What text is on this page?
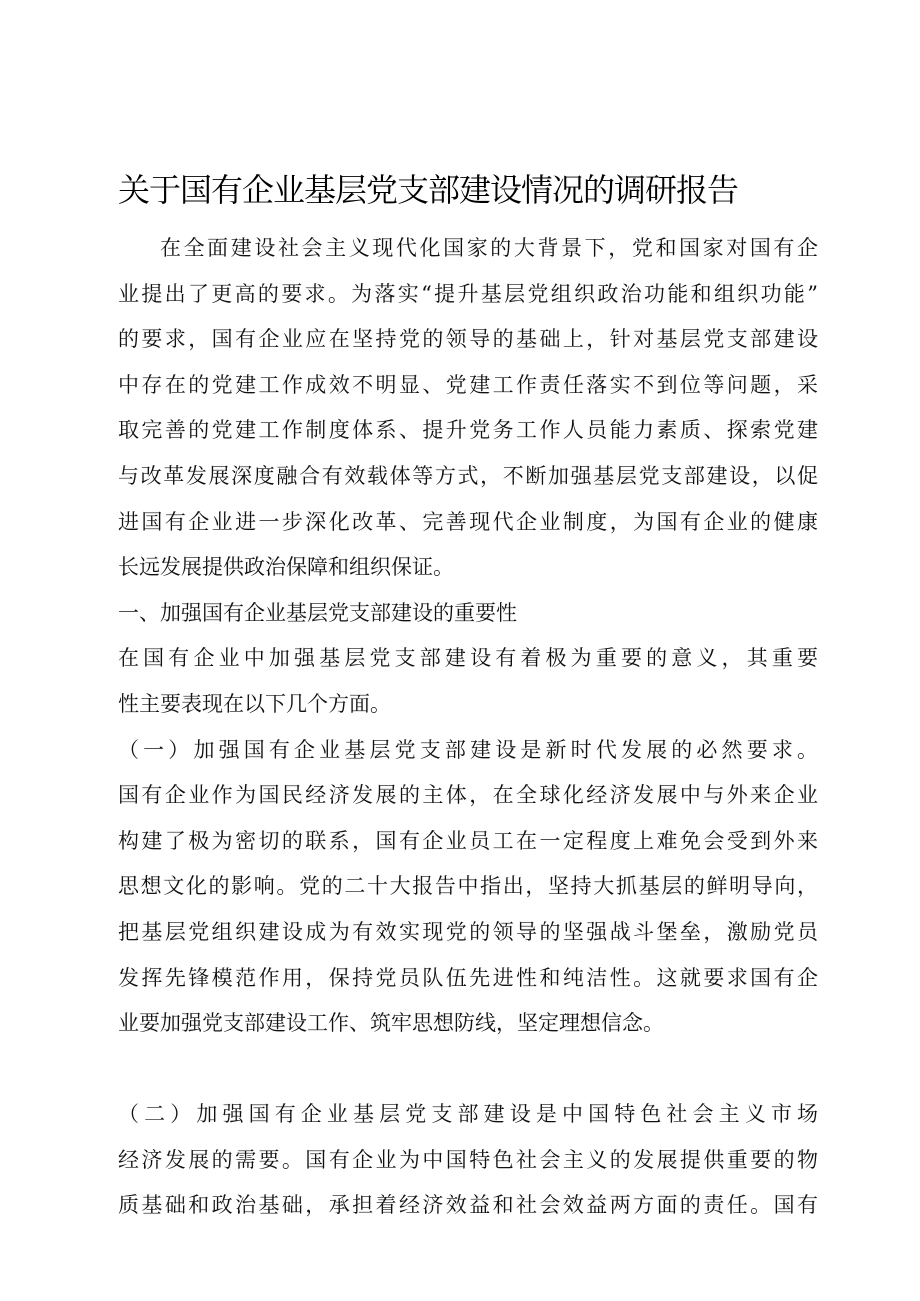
关于国有企业基层党支部建设情况的调研报告
在全面建设社会主义现代化国家的大背景下，党和国家对国有企
业提出了更高的要求。为落实“提升基层党组织政治功能和组织功能”
的要求，国有企业应在坚持党的领导的基础上，针对基层党支部建设
中存在的党建工作成效不明显、党建工作责任落实不到位等问题，采
取完善的党建工作制度体系、提升党务工作人员能力素质、探索党建
与改革发展深度融合有效载体等方式，不断加强基层党支部建设，以促
进国有企业进一步深化改革、完善现代企业制度，为国有企业的健康
长远发展提供政治保障和组织保证。
一、加强国有企业基层党支部建设的重要性
在国有企业中加强基层党支部建设有着极为重要的意义，其重要
性主要表现在以下几个方面。
（一）加强国有企业基层党支部建设是新时代发展的必然要求。
国有企业作为国民经济发展的主体，在全球化经济发展中与外来企业
构建了极为密切的联系，国有企业员工在一定程度上难免会受到外来
思想文化的影响。党的二十大报告中指出，坚持大抓基层的鲜明导向，
把基层党组织建设成为有效实现党的领导的坚强战斗堡垒，激励党员
发挥先锋模范作用，保持党员队伍先进性和纯洁性。这就要求国有企
业要加强党支部建设工作、筑牢思想防线，坚定理想信念。
（二）加强国有企业基层党支部建设是中国特色社会主义市场
经济发展的需要。国有企业为中国特色社会主义的发展提供重要的物
质基础和政治基础，承担着经济效益和社会效益两方面的责任。国有
